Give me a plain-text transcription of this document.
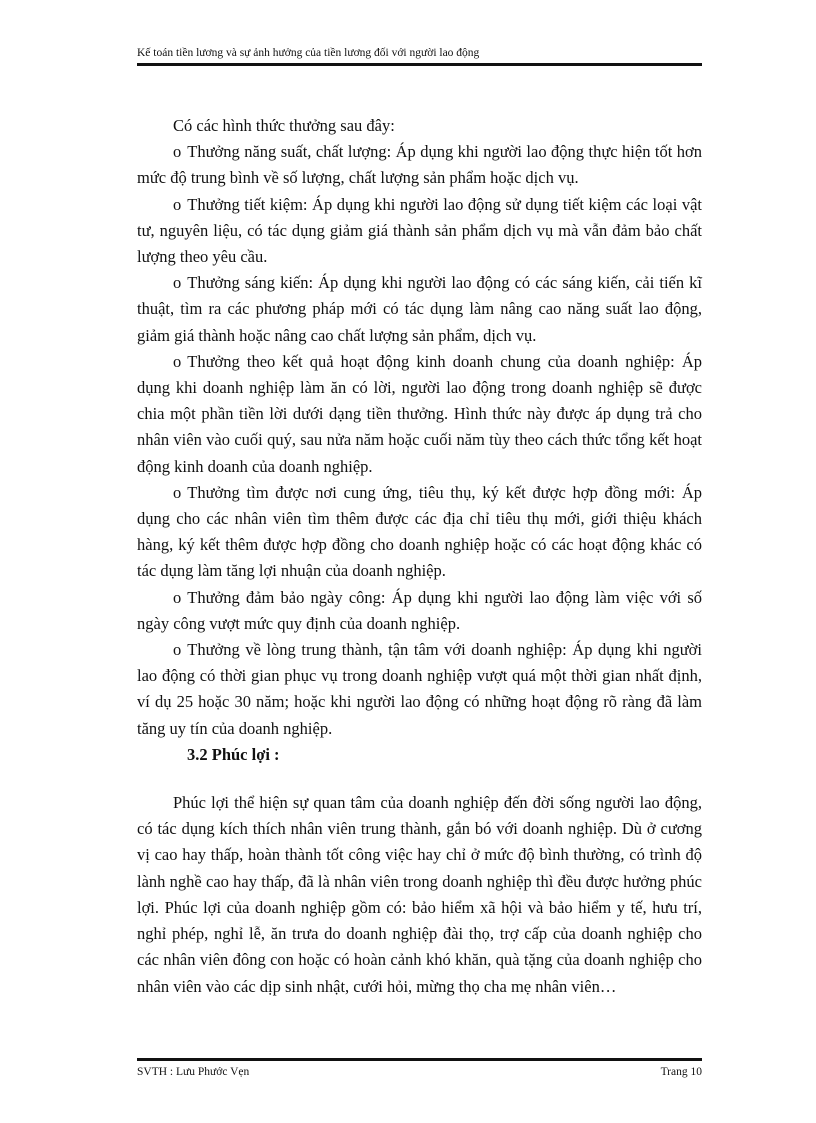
Kế toán tiền lương và sự ảnh hưởng của tiền lương đối với người lao động

Có các hình thức thưởng sau đây:

o Thưởng năng suất, chất lượng: Áp dụng khi người lao động thực hiện tốt hơn mức độ trung bình về số lượng, chất lượng sản phẩm hoặc dịch vụ.

o Thưởng tiết kiệm: Áp dụng khi người lao động sử dụng tiết kiệm các loại vật tư, nguyên liệu, có tác dụng giảm giá thành sản phẩm dịch vụ mà vẫn đảm bảo chất lượng theo yêu cầu.

o Thưởng sáng kiến: Áp dụng khi người lao động có các sáng kiến, cải tiến kĩ thuật, tìm ra các phương pháp mới có tác dụng làm nâng cao năng suất lao động, giảm giá thành hoặc nâng cao chất lượng sản phẩm, dịch vụ.

o Thưởng theo kết quả hoạt động kinh doanh chung của doanh nghiệp: Áp dụng khi doanh nghiệp làm ăn có lời, người lao động trong doanh nghiệp sẽ được chia một phần tiền lời dưới dạng tiền thưởng. Hình thức này được áp dụng trả cho nhân viên vào cuối quý, sau nửa năm hoặc cuối năm tùy theo cách thức tổng kết hoạt động kinh doanh của doanh nghiệp.

o Thưởng tìm được nơi cung ứng, tiêu thụ, ký kết được hợp đồng mới: Áp dụng cho các nhân viên tìm thêm được các địa chỉ tiêu thụ mới, giới thiệu khách hàng, ký kết thêm được hợp đồng cho doanh nghiệp hoặc có các hoạt động khác có tác dụng làm tăng lợi nhuận của doanh nghiệp.

o Thưởng đảm bảo ngày công: Áp dụng khi người lao động làm việc với số ngày công vượt mức quy định của doanh nghiệp.

o Thưởng về lòng trung thành, tận tâm với doanh nghiệp: Áp dụng khi người lao động có thời gian phục vụ trong doanh nghiệp vượt quá một thời gian nhất định, ví dụ 25 hoặc 30 năm; hoặc khi người lao động có những hoạt động rõ ràng đã làm tăng uy tín của doanh nghiệp.

3.2 Phúc lợi :

Phúc lợi thể hiện sự quan tâm của doanh nghiệp đến đời sống người lao động, có tác dụng kích thích nhân viên trung thành, gắn bó với doanh nghiệp. Dù ở cương vị cao hay thấp, hoàn thành tốt công việc hay chỉ ở mức độ bình thường, có trình độ lành nghề cao hay thấp, đã là nhân viên trong doanh nghiệp thì đều được hưởng phúc lợi. Phúc lợi của doanh nghiệp gồm có: bảo hiểm xã hội và bảo hiểm y tế, hưu trí, nghỉ phép, nghỉ lễ, ăn trưa do doanh nghiệp đài thọ, trợ cấp của doanh nghiệp cho các nhân viên đông con hoặc có hoàn cảnh khó khăn, quà tặng của doanh nghiệp cho nhân viên vào các dịp sinh nhật, cưới hỏi, mừng thọ cha mẹ nhân viên…

SVTH : Lưu Phước Vẹn	Trang 10
